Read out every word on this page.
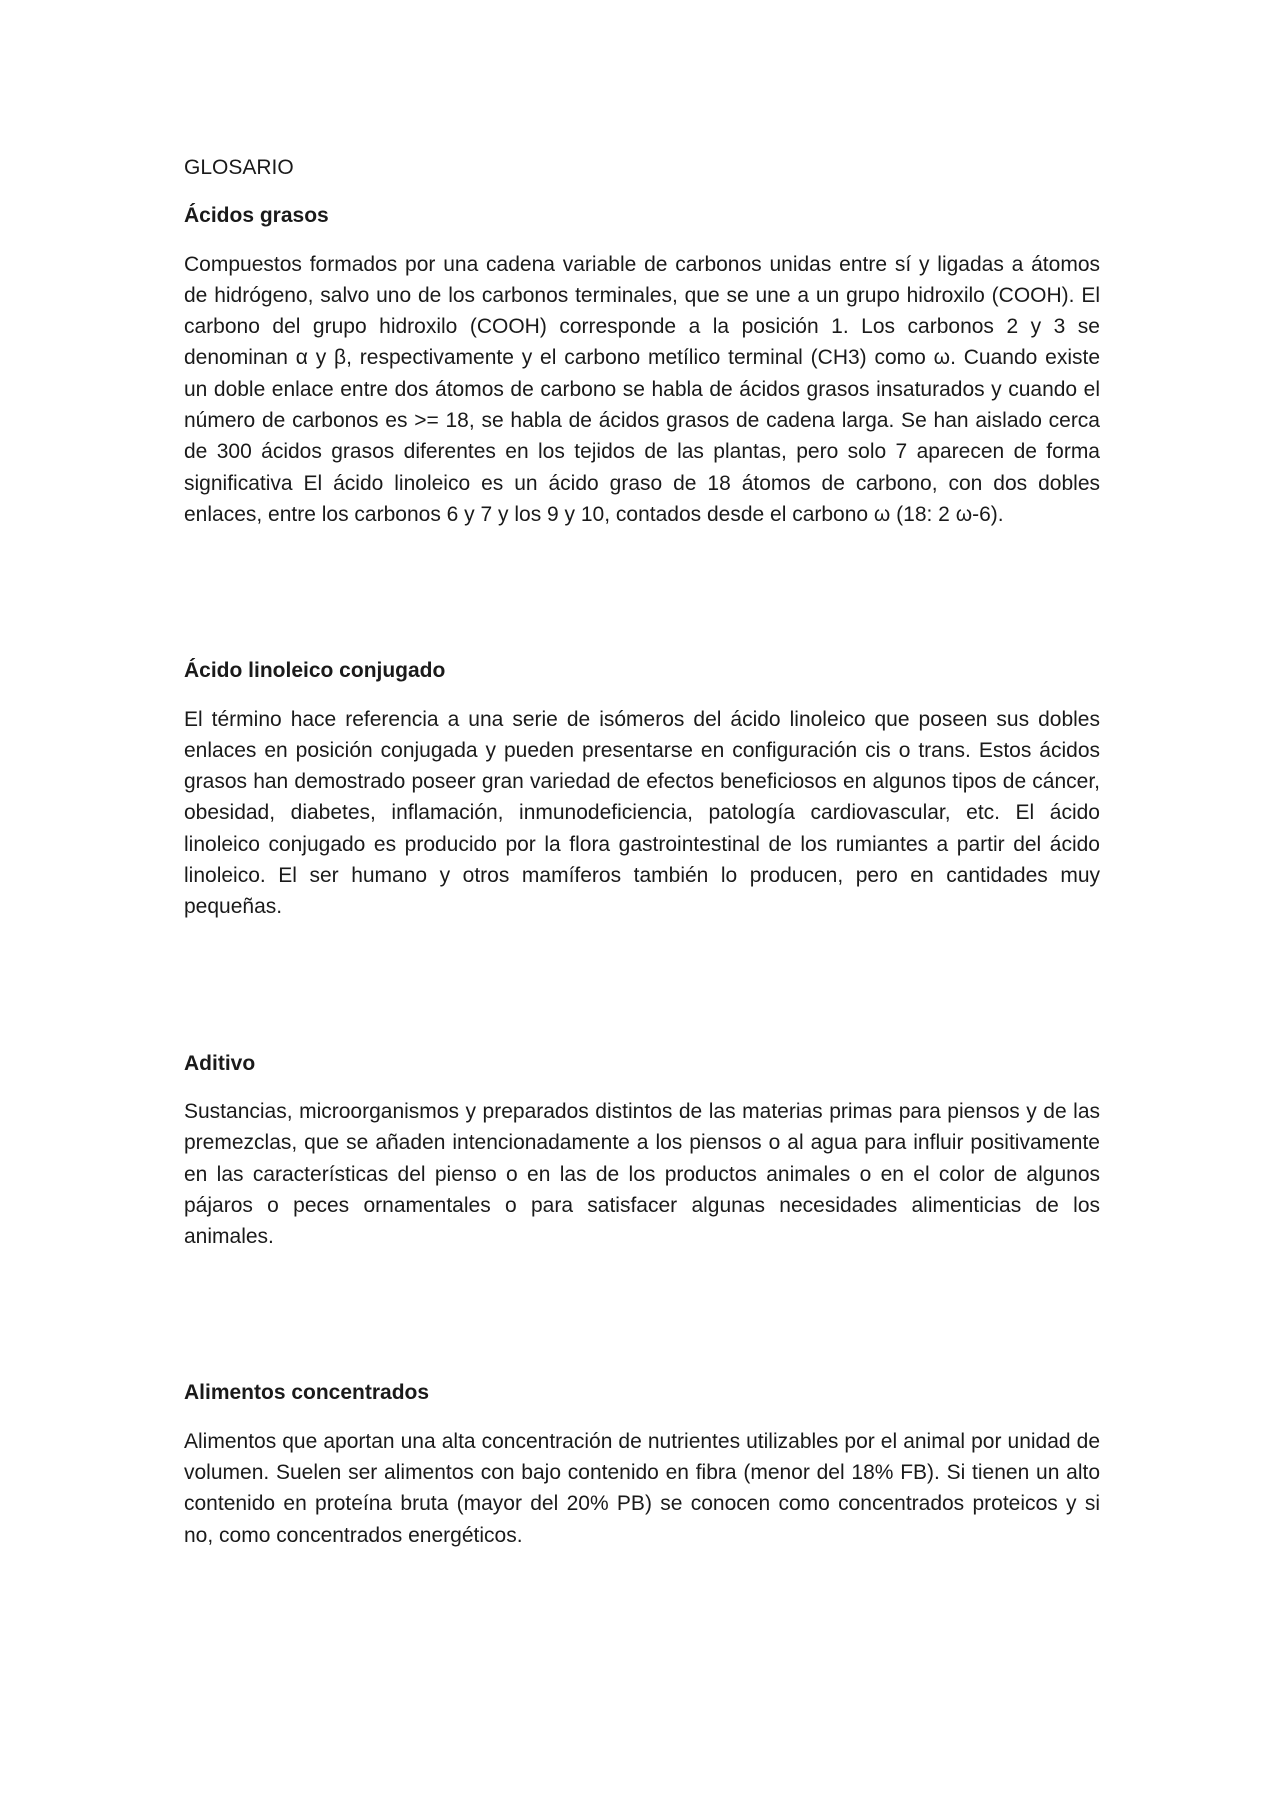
GLOSARIO

Ácidos grasos

Compuestos formados por una cadena variable de carbonos unidas entre sí y ligadas a átomos de hidrógeno, salvo uno de los carbonos terminales, que se une a un grupo hidroxilo (COOH). El carbono del grupo hidroxilo (COOH) corresponde a la posición 1. Los carbonos 2 y 3 se denominan α y β, respectivamente y el carbono metílico terminal (CH3) como ω. Cuando existe un doble enlace entre dos átomos de carbono se habla de ácidos grasos insaturados y cuando el número de carbonos es >= 18, se habla de ácidos grasos de cadena larga. Se han aislado cerca de 300 ácidos grasos diferentes en los tejidos de las plantas, pero solo 7 aparecen de forma significativa El ácido linoleico es un ácido graso de 18 átomos de carbono, con dos dobles enlaces, entre los carbonos 6 y 7 y los 9 y 10, contados desde el carbono ω (18: 2 ω-6).

Ácido linoleico conjugado

El término hace referencia a una serie de isómeros del ácido linoleico que poseen sus dobles enlaces en posición conjugada y pueden presentarse en configuración cis o trans. Estos ácidos grasos han demostrado poseer gran variedad de efectos beneficiosos en algunos tipos de cáncer, obesidad, diabetes, inflamación, inmunodeficiencia, patología cardiovascular, etc. El ácido linoleico conjugado es producido por la flora gastrointestinal de los rumiantes a partir del ácido linoleico. El ser humano y otros mamíferos también lo producen, pero en cantidades muy pequeñas.

Aditivo

Sustancias, microorganismos y preparados distintos de las materias primas para piensos y de las premezclas, que se añaden intencionadamente a los piensos o al agua para influir positivamente en las características del pienso o en las de los productos animales o en el color de algunos pájaros o peces ornamentales o para satisfacer algunas necesidades alimenticias de los animales.

Alimentos concentrados

Alimentos que aportan una alta concentración de nutrientes utilizables por el animal por unidad de volumen. Suelen ser alimentos con bajo contenido en fibra (menor del 18% FB). Si tienen un alto contenido en proteína bruta (mayor del 20% PB) se conocen como concentrados proteicos y si no, como concentrados energéticos.
